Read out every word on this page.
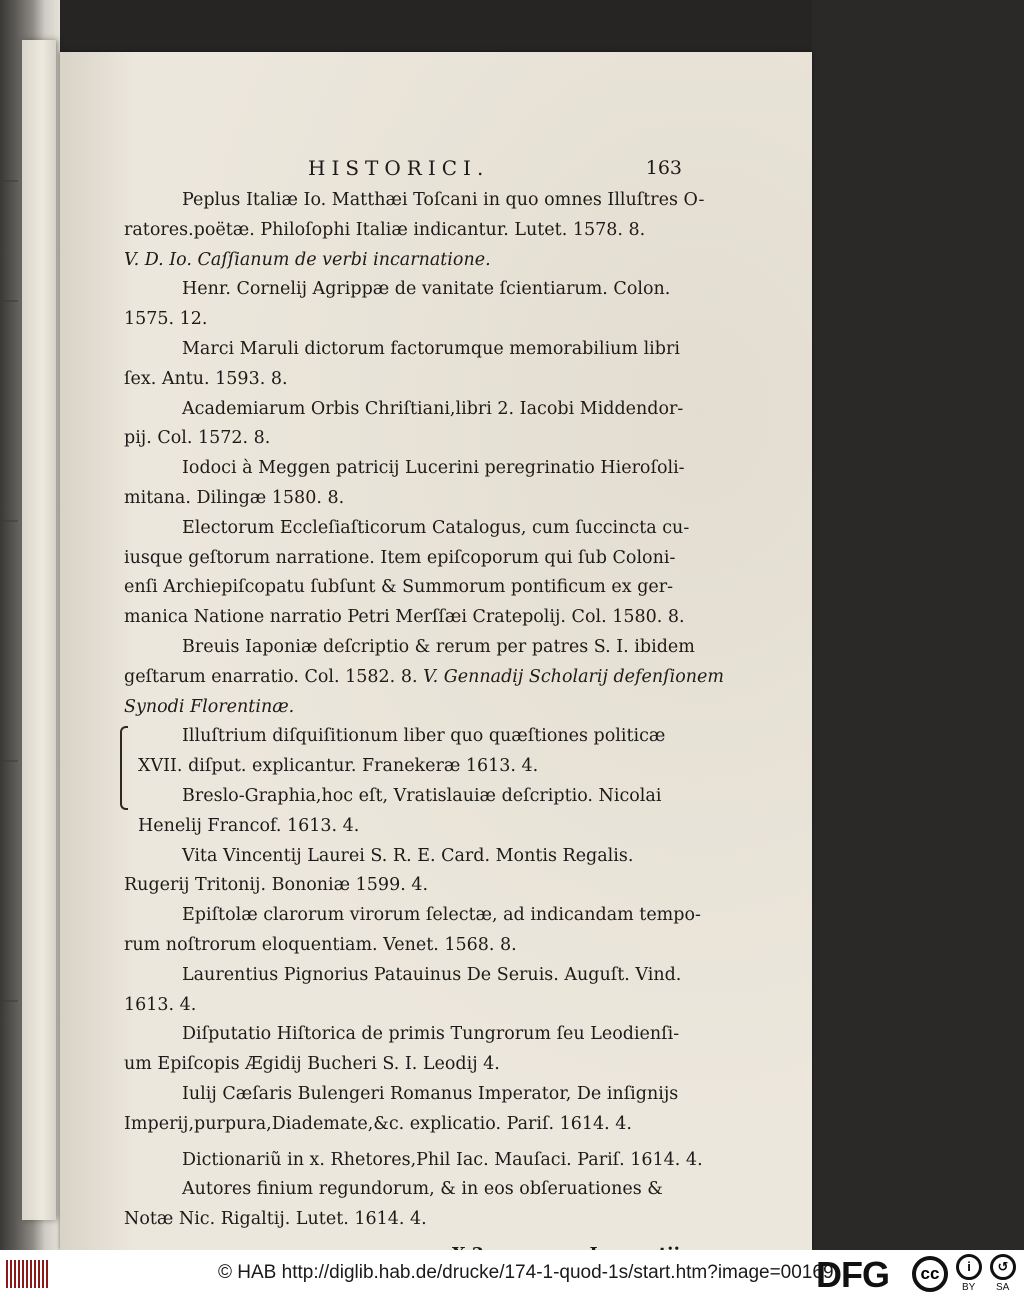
HISTORICI.	163
Peplus Italiæ Io. Matthæi Toſcani in quo omnes Illuſtres O-
ratores.poëtæ. Philoſophi Italiæ indicantur. Lutet. 1578. 8.
V. D. Io. Caſſianum de verbi incarnatione.
Henr. Cornelij Agrippæ de vanitate ſcientiarum. Colon.
1575. 12.
Marci Maruli dictorum factorumque memorabilium libri
ſex. Antu. 1593. 8.
Academiarum Orbis Chriſtiani,libri 2. Iacobi Middendor-
pij. Col. 1572. 8.
Iodoci à Meggen patricij Lucerini peregrinatio Hieroſoli-
mitana. Dilingæ 1580. 8.
Electorum Eccleſiaſticorum Catalogus, cum ſuccincta cu-
iusque geſtorum narratione. Item epiſcoporum qui ſub Coloni-
enſi Archiepiſcopatu ſubſunt & Summorum pontificum ex ger-
manica Natione narratio Petri Merſſæi Cratepolij. Col. 1580. 8.
Breuis Iaponiæ deſcriptio & rerum per patres S. I. ibidem
geſtarum enarratio. Col. 1582. 8. V. Gennadij Scholarij defenſionem
Synodi Florentinæ.
Illuſtrium diſquiſitionum liber quo quæſtiones politicæ
XVII. diſput. explicantur. Franekeræ 1613. 4.
Breslo-Graphia,hoc eſt, Vratislauiæ deſcriptio. Nicolai
Henelij Francof. 1613. 4.
Vita Vincentij Laurei S. R. E. Card. Montis Regalis.
Rugerij Tritonij. Bononiæ 1599. 4.
Epiſtolæ clarorum virorum ſelectæ, ad indicandam tempo-
rum noſtrorum eloquentiam. Venet. 1568. 8.
Laurentius Pignorius Patauinus De Seruis. Auguſt. Vind.
1613. 4.
Diſputatio Hiſtorica de primis Tungrorum ſeu Leodienſi-
um Epiſcopis Ægidij Bucheri S. I. Leodij 4.
Iulij Cæſaris Bulengeri Romanus Imperator, De inſignijs
Imperij,purpura,Diademate,&c. explicatio. Pariſ. 1614. 4.
Dictionariũ in x. Rhetores,Phil Iac. Mauſaci. Pariſ. 1614. 4.
Autores finium regundorum, & in eos obſeruationes &
Notæ Nic. Rigaltij. Lutet. 1614. 4.
© HAB http://diglib.hab.de/drucke/174-1-quod-1s/start.htm?image=00169
DFG	cc	i	↺
BY SA
